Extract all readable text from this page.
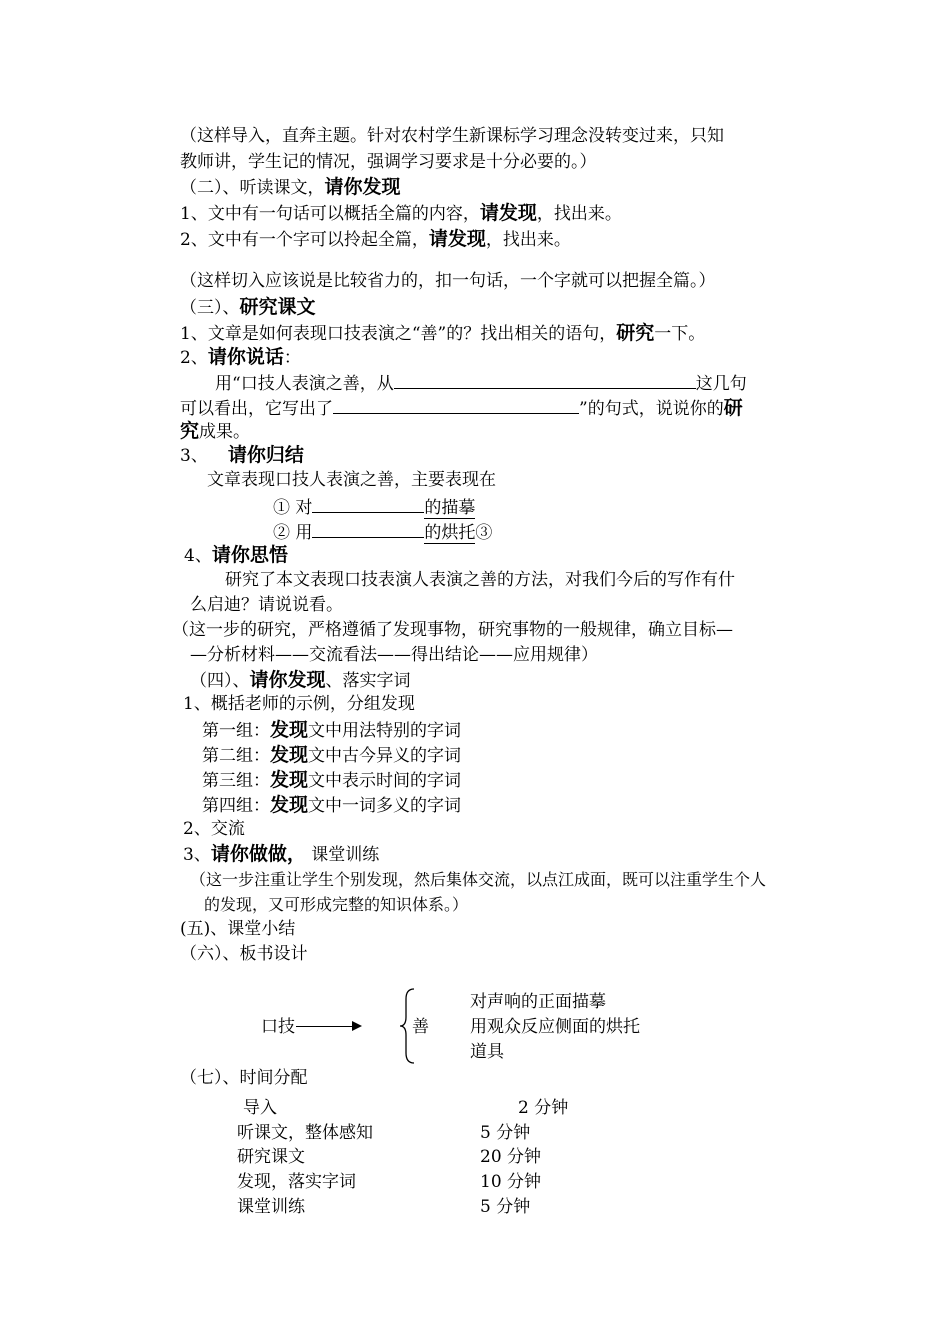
（这样导入，直奔主题。针对农村学生新课标学习理念没转变过来，只知
教师讲，学生记的情况，强调学习要求是十分必要的。）
（二）、听读课文，请你发现
1、文中有一句话可以概括全篇的内容，请发现，找出来。
2、文中有一个字可以拎起全篇，请发现，找出来。
（这样切入应该说是比较省力的，扣一句话，一个字就可以把握全篇。）
（三）、研究课文
1、文章是如何表现口技表演之“善”的？找出相关的语句，研究一下。
2、请你说话：
用“口技人表演之善，从	这几句
可以看出，它写出了	”的句式，说说你的研
究成果。
3、 请你归结
文章表现口技人表演之善，主要表现在
① 对	的描摹
② 用	的烘托③
4、请你思悟
研究了本文表现口技表演人表演之善的方法，对我们今后的写作有什
么启迪？请说说看。
（这一步的研究，严格遵循了发现事物，研究事物的一般规律，确立目标—
—分析材料——交流看法——得出结论——应用规律）
（四）、请你发现、落实字词
1、概括老师的示例，分组发现
第一组：发现文中用法特别的字词
第二组：发现文中古今异义的字词
第三组：发现文中表示时间的字词
第四组：发现文中一词多义的字词
2、交流
3、请你做做， 课堂训练
（这一步注重让学生个别发现，然后集体交流，以点江成面，既可以注重学生个人
的发现，又可形成完整的知识体系。）
(五)、课堂小结
（六）、板书设计
口技	善
对声响的正面描摹
用观众反应侧面的烘托
道具
（七）、时间分配
导入	2 分钟
听课文，整体感知	5 分钟
研究课文	20 分钟
发现，落实字词	10 分钟
课堂训练	5 分钟
